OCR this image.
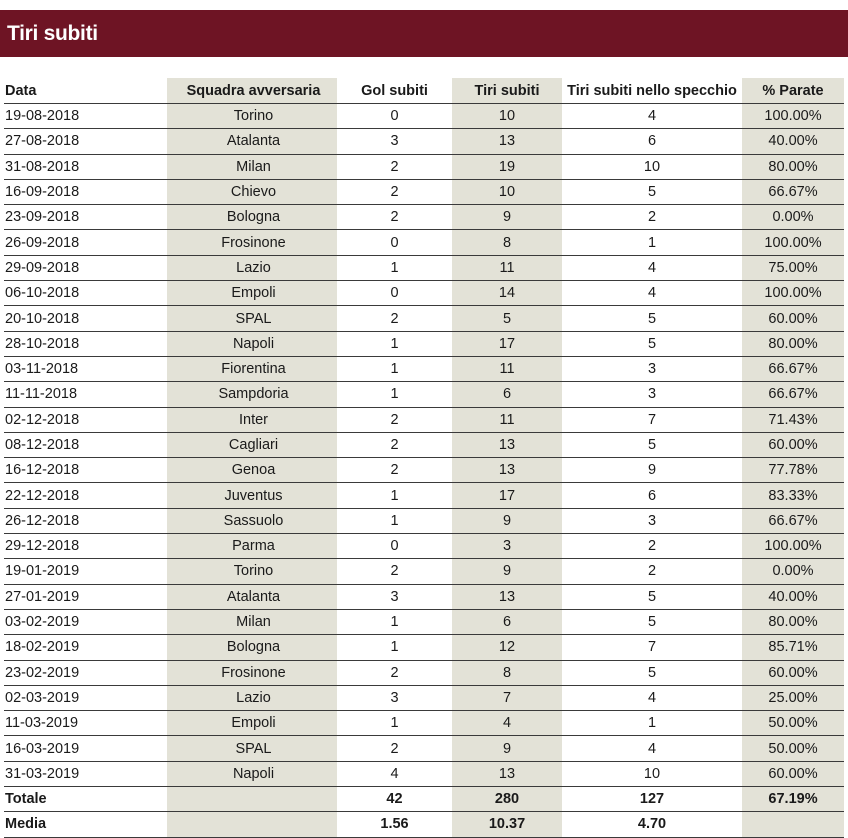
Tiri subiti
Data	Squadra avversaria	Gol subiti	Tiri subiti	Tiri subiti nello specchio	% Parate
19-08-2018	Torino	0	10	4	100.00%
27-08-2018	Atalanta	3	13	6	40.00%
31-08-2018	Milan	2	19	10	80.00%
16-09-2018	Chievo	2	10	5	66.67%
23-09-2018	Bologna	2	9	2	0.00%
26-09-2018	Frosinone	0	8	1	100.00%
29-09-2018	Lazio	1	11	4	75.00%
06-10-2018	Empoli	0	14	4	100.00%
20-10-2018	SPAL	2	5	5	60.00%
28-10-2018	Napoli	1	17	5	80.00%
03-11-2018	Fiorentina	1	11	3	66.67%
11-11-2018	Sampdoria	1	6	3	66.67%
02-12-2018	Inter	2	11	7	71.43%
08-12-2018	Cagliari	2	13	5	60.00%
16-12-2018	Genoa	2	13	9	77.78%
22-12-2018	Juventus	1	17	6	83.33%
26-12-2018	Sassuolo	1	9	3	66.67%
29-12-2018	Parma	0	3	2	100.00%
19-01-2019	Torino	2	9	2	0.00%
27-01-2019	Atalanta	3	13	5	40.00%
03-02-2019	Milan	1	6	5	80.00%
18-02-2019	Bologna	1	12	7	85.71%
23-02-2019	Frosinone	2	8	5	60.00%
02-03-2019	Lazio	3	7	4	25.00%
11-03-2019	Empoli	1	4	1	50.00%
16-03-2019	SPAL	2	9	4	50.00%
31-03-2019	Napoli	4	13	10	60.00%
Totale		42	280	127	67.19%
Media		1.56	10.37	4.70	
